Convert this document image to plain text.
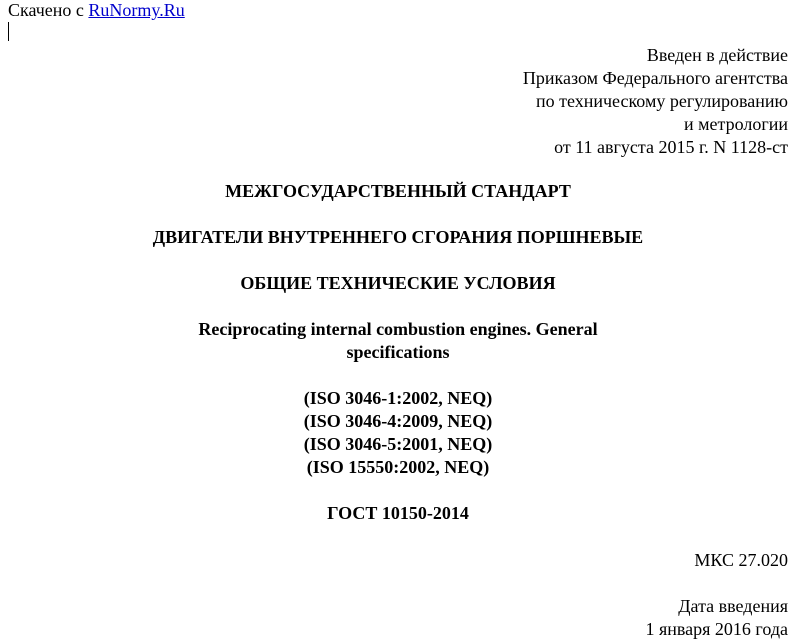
Скачено с RuNormy.Ru
Введен в действие
Приказом Федерального агентства
по техническому регулированию
и метрологии
от 11 августа 2015 г. N 1128-ст
МЕЖГОСУДАРСТВЕННЫЙ СТАНДАРТ
ДВИГАТЕЛИ ВНУТРЕННЕГО СГОРАНИЯ ПОРШНЕВЫЕ
ОБЩИЕ ТЕХНИЧЕСКИЕ УСЛОВИЯ
Reciprocating internal combustion engines. General
specifications
(ISO 3046-1:2002, NEQ)
(ISO 3046-4:2009, NEQ)
(ISO 3046-5:2001, NEQ)
(ISO 15550:2002, NEQ)
ГОСТ 10150-2014
МКС 27.020
Дата введения
1 января 2016 года
